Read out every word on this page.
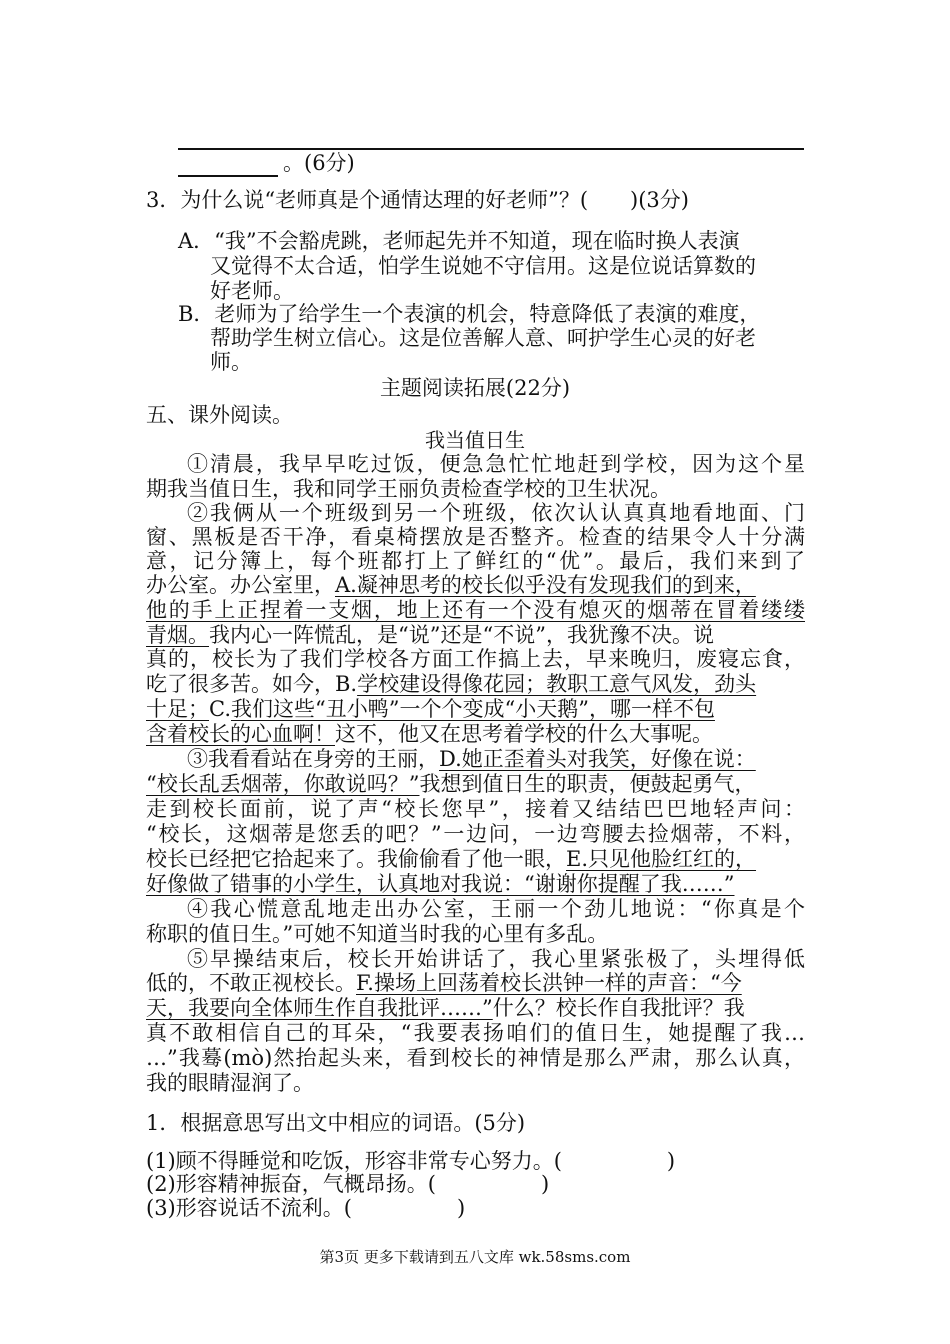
。(6分)
3．为什么说“老师真是个通情达理的好老师”？(　　)(3分)
A．“我”不会豁虎跳，老师起先并不知道，现在临时换人表演
又觉得不太合适，怕学生说她不守信用。这是位说话算数的
好老师。
B．老师为了给学生一个表演的机会，特意降低了表演的难度，
帮助学生树立信心。这是位善解人意、呵护学生心灵的好老
师。
主题阅读拓展(22分)
五、课外阅读。
我当值日生
①清晨，我早早吃过饭，便急急忙忙地赶到学校，因为这个星
期我当值日生，我和同学王丽负责检查学校的卫生状况。
②我俩从一个班级到另一个班级，依次认认真真地看地面、门
窗、黑板是否干净，看桌椅摆放是否整齐。检查的结果令人十分满
意，记分簿上，每个班都打上了鲜红的“优”。最后，我们来到了
办公室。办公室里，A.凝神思考的校长似乎没有发现我们的到来，
他的手上正捏着一支烟，地上还有一个没有熄灭的烟蒂在冒着缕缕
青烟。我内心一阵慌乱，是“说”还是“不说”，我犹豫不决。说
真的，校长为了我们学校各方面工作搞上去，早来晚归，废寝忘食，
吃了很多苦。如今，B.学校建设得像花园；教职工意气风发，劲头
十足；C.我们这些“丑小鸭”一个个变成“小天鹅”，哪一样不包
含着校长的心血啊！这不，他又在思考着学校的什么大事呢。
③我看看站在身旁的王丽，D.她正歪着头对我笑，好像在说：
“校长乱丢烟蒂，你敢说吗？”我想到值日生的职责，便鼓起勇气，
走到校长面前，说了声“校长您早”，接着又结结巴巴地轻声问：
“校长，这烟蒂是您丢的吧？”一边问，一边弯腰去捡烟蒂，不料，
校长已经把它拾起来了。我偷偷看了他一眼，E.只见他脸红红的，
好像做了错事的小学生，认真地对我说：“谢谢你提醒了我……”
④我心慌意乱地走出办公室，王丽一个劲儿地说：“你真是个
称职的值日生。”可她不知道当时我的心里有多乱。
⑤早操结束后，校长开始讲话了，我心里紧张极了，头埋得低
低的，不敢正视校长。F.操场上回荡着校长洪钟一样的声音：“今
天，我要向全体师生作自我批评……”什么？校长作自我批评？我
真不敢相信自己的耳朵，“我要表扬咱们的值日生，她提醒了我…
…”我蓦(mò)然抬起头来，看到校长的神情是那么严肃，那么认真，
我的眼睛湿润了。
1．根据意思写出文中相应的词语。(5分)
(1)顾不得睡觉和吃饭，形容非常专心努力。(　　　　　)
(2)形容精神振奋，气概昂扬。(　　　　　)
(3)形容说话不流利。(　　　　　)
第3页 更多下载请到五八文库 wk.58sms.com
